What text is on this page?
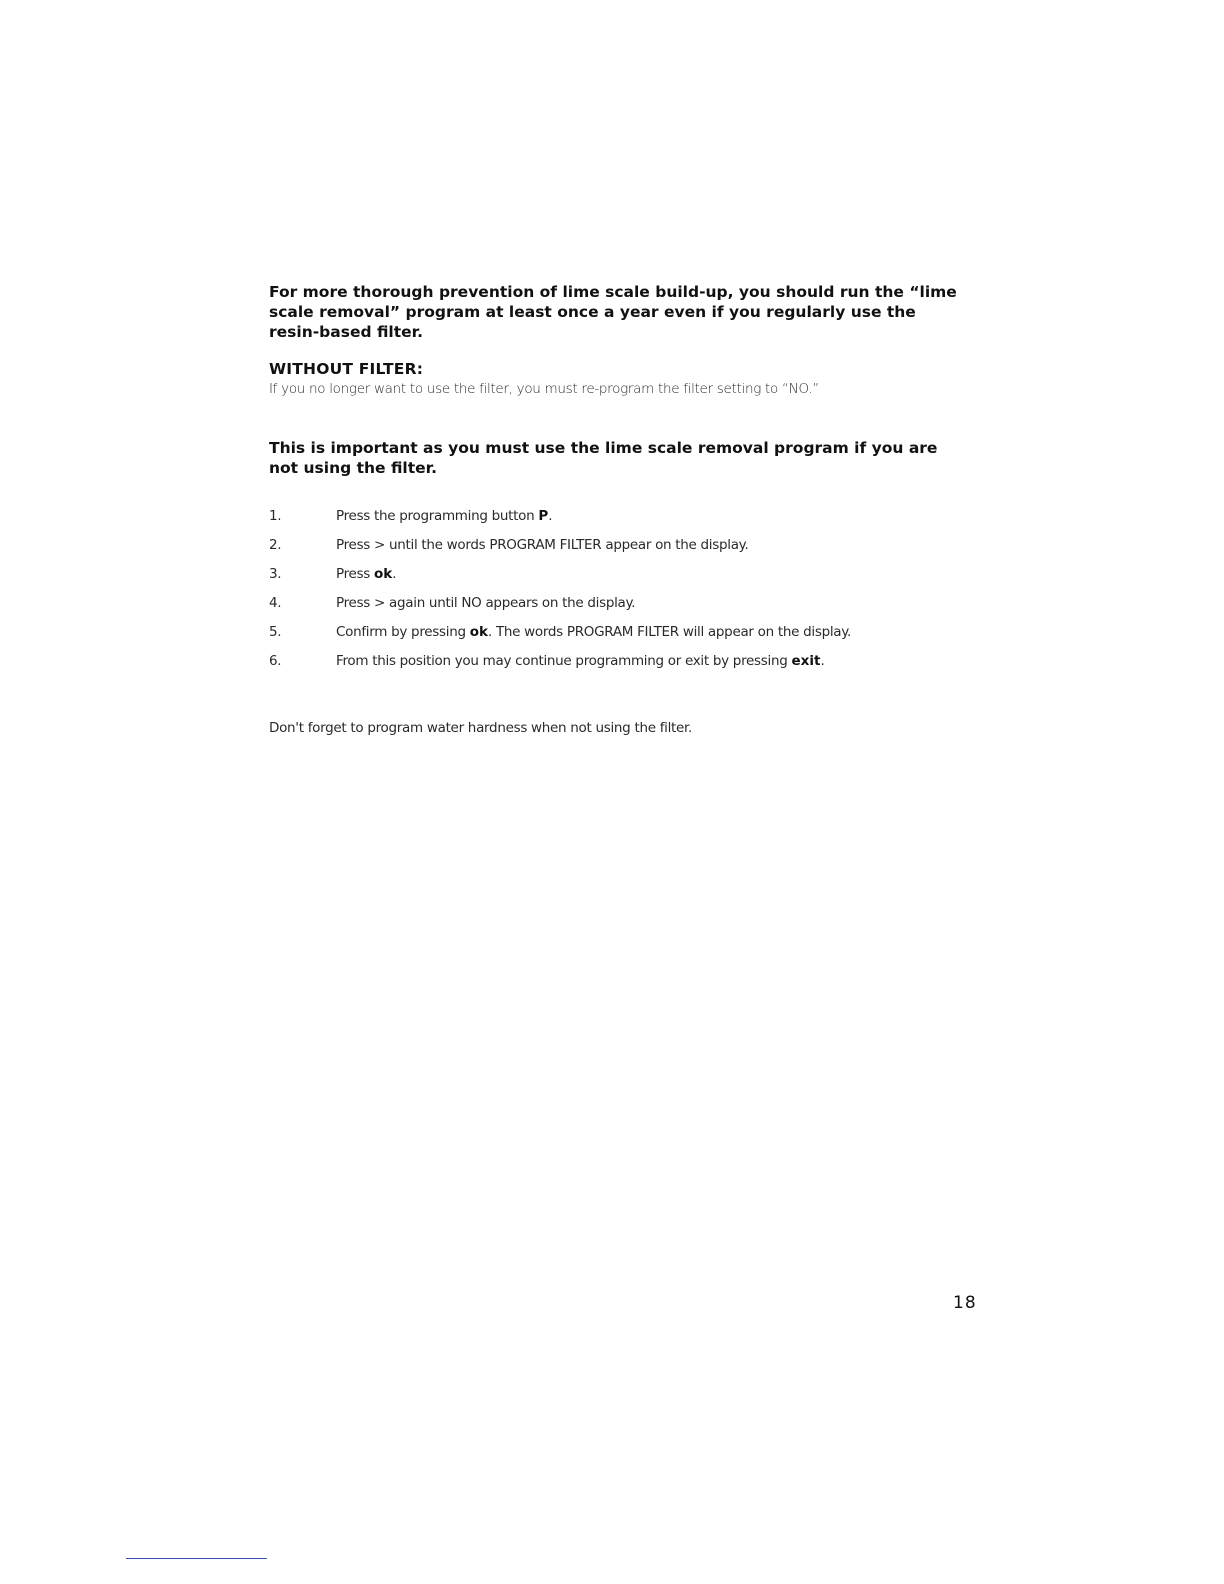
For more thorough prevention of lime scale build-up, you should run the “lime scale removal” program at least once a year even if you regularly use the resin-based filter.
WITHOUT FILTER:
If you no longer want to use the filter, you must re-program the filter setting to “NO.”
This is important as you must use the lime scale removal program if you are not using the filter.
1.	Press the programming button P.
2.	Press > until the words PROGRAM FILTER appear on the display.
3.	Press ok.
4.	Press > again until NO appears on the display.
5.	Confirm by pressing ok. The words PROGRAM FILTER will appear on the display.
6.	From this position you may continue programming or exit by pressing exit.
Don't forget to program water hardness when not using the filter.
18
